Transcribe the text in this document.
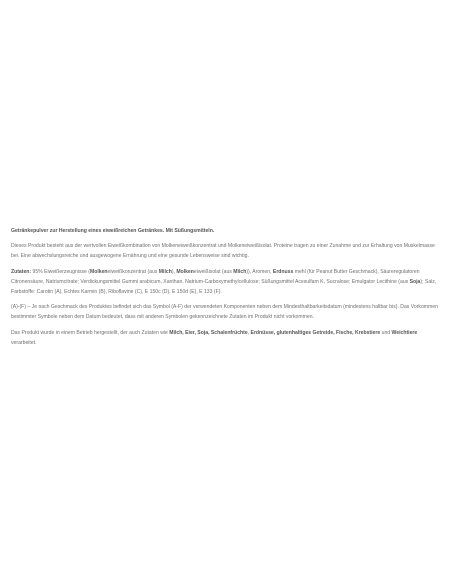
Getränkepulver zur Herstellung eines eiweißreichen Getränkes. Mit Süßungsmitteln.

Dieses Produkt besteht aus der wertvollen Eiweißkombination von Molkeneiweißkonzentrat und Molkeneiweißisolat. Proteine tragen zu einer Zunahme und zur Erhaltung von Muskelmasse bei. Eine abwechslungsreiche und ausgewogene Ernährung und eine gesunde Lebensweise sind wichtig.

Zutaten: 95% Eiweißerzeugnisse (Molkeneiweißkonzentrat (aus Milch), Molkeneiweißisolat (aus Milch)), Aromen, Erdnuss mehl (für Peanut Butter Geschmack), Säureregulatoren Citronensäure, Natriumcitrate; Verdickungsmittel Gummi arabicum, Xanthan, Natrium-Carboxymethylcellulose; Süßungsmittel Acesulfam K, Sucralose; Emulgator Lecithine (aus Soja); Salz, Farbstoffe: Carotin (A), Echtes Karmin (B), Riboflavine (C), E 150c (D), E 150d (E), E 133 (F).

(A)-(F) – Je nach Geschmack des Produktes befindet sich das Symbol (A-F) der verwendeten Komponenten neben dem Mindesthaltbarkeitsdatum (mindestens haltbar bis). Das Vorkommen bestimmter Symbole neben dem Datum bedeutet, dass mit anderen Symbolen gekennzeichnete Zutaten im Produkt nicht vorkommen.

Das Produkt wurde in einem Betrieb hergestellt, der auch Zutaten wie Milch, Eier, Soja, Schalenfrüchte, Erdnüsse, glutenhaltiges Getreide, Fische, Krebstiere und Weichtiere verarbeitet.
